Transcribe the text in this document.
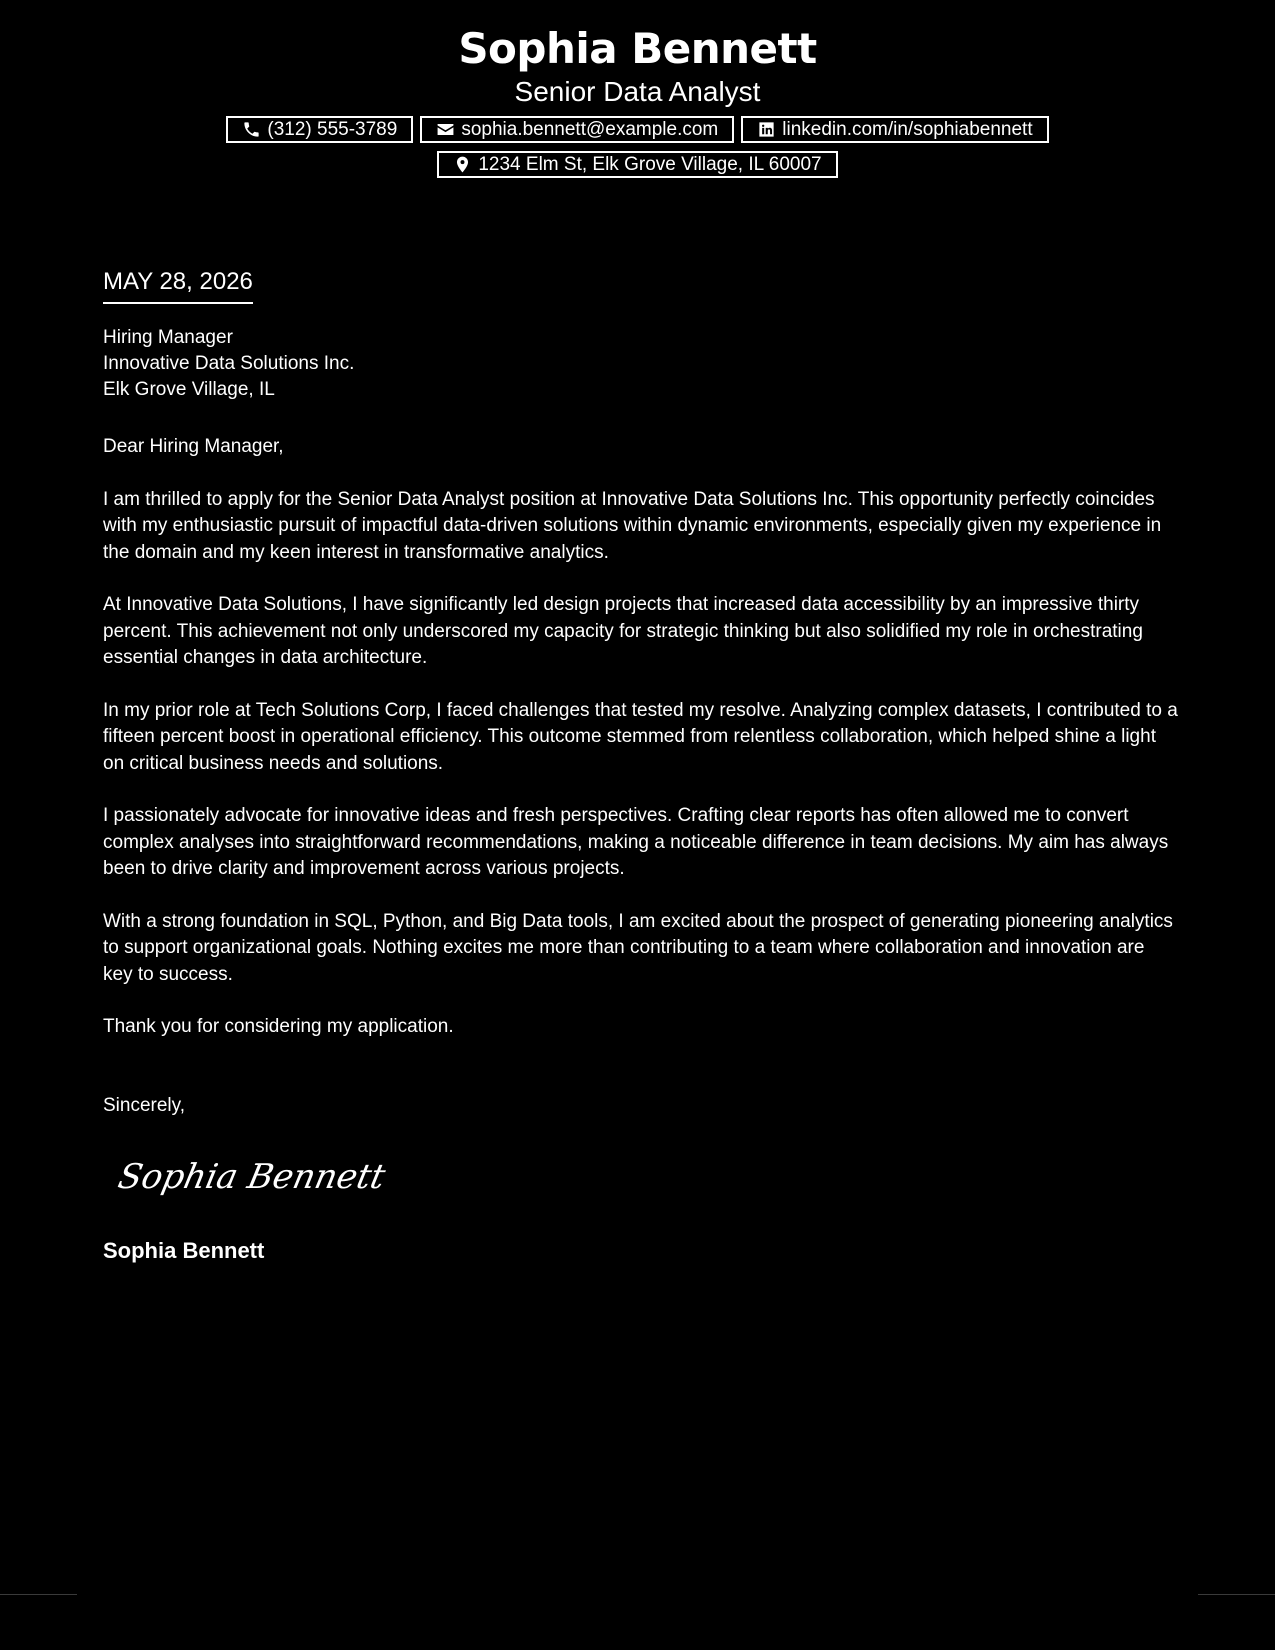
Sophia Bennett
Senior Data Analyst
(312) 555-3789	sophia.bennett@example.com	linkedin.com/in/sophiabennett
1234 Elm St, Elk Grove Village, IL 60007
MAY 28, 2026
Hiring Manager
Innovative Data Solutions Inc.
Elk Grove Village, IL

Dear Hiring Manager,

I am thrilled to apply for the Senior Data Analyst position at Innovative Data Solutions Inc. This opportunity perfectly coincides with my enthusiastic pursuit of impactful data-driven solutions within dynamic environments, especially given my experience in the domain and my keen interest in transformative analytics.

At Innovative Data Solutions, I have significantly led design projects that increased data accessibility by an impressive thirty percent. This achievement not only underscored my capacity for strategic thinking but also solidified my role in orchestrating essential changes in data architecture.

In my prior role at Tech Solutions Corp, I faced challenges that tested my resolve. Analyzing complex datasets, I contributed to a fifteen percent boost in operational efficiency. This outcome stemmed from relentless collaboration, which helped shine a light on critical business needs and solutions.

I passionately advocate for innovative ideas and fresh perspectives. Crafting clear reports has often allowed me to convert complex analyses into straightforward recommendations, making a noticeable difference in team decisions. My aim has always been to drive clarity and improvement across various projects.

With a strong foundation in SQL, Python, and Big Data tools, I am excited about the prospect of generating pioneering analytics to support organizational goals. Nothing excites me more than contributing to a team where collaboration and innovation are key to success.

Thank you for considering my application.

Sincerely,
Sophia Bennett
Sophia Bennett
